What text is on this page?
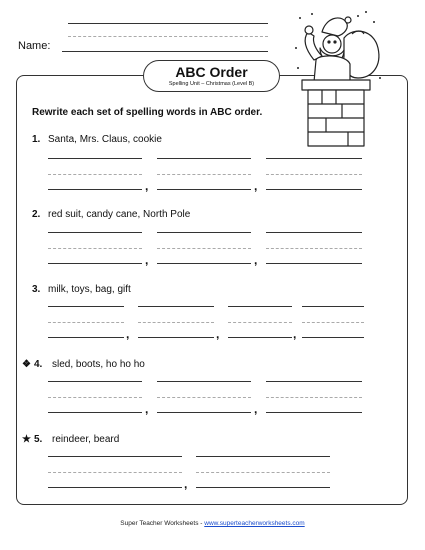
Name:
ABC Order
Spelling Unit – Christmas (Level B)
Rewrite each set of spelling words in ABC order.
1. Santa, Mrs. Claus, cookie
,	,
2. red suit, candy cane, North Pole
,	,
3. milk, toys, bag, gift
,	,	,
❖ 4. sled, boots, ho ho ho
,	,
★ 5. reindeer, beard
,
Super Teacher Worksheets - www.superteacherworksheets.com
